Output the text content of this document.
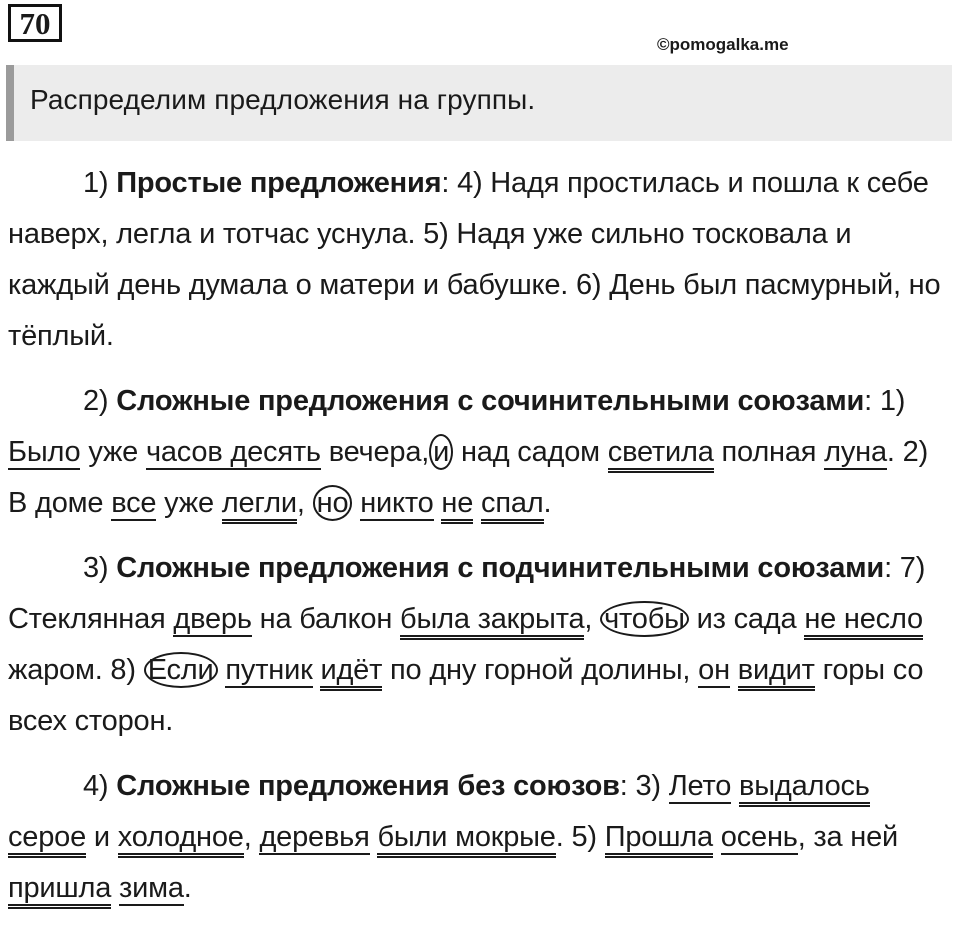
70
©pomogalka.me
Распределим предложения на группы.

1) Простые предложения: 4) Надя простилась и пошла к себе наверх, легла и тотчас уснула. 5) Надя уже сильно тосковала и каждый день думала о матери и бабушке. 6) День был пасмурный, но тёплый.

2) Сложные предложения с сочинительными союзами: 1) Было уже часов десять вечера, и над садом светила полная луна. 2) В доме все уже легли, но никто не спал.

3) Сложные предложения с подчинительными союзами: 7) Стеклянная дверь на балкон была закрыта, чтобы из сада не несло жаром. 8) Если путник идёт по дну горной долины, он видит горы со всех сторон.

4) Сложные предложения без союзов: 3) Лето выдалось серое и холодное, деревья были мокрые. 5) Прошла осень, за ней пришла зима.
